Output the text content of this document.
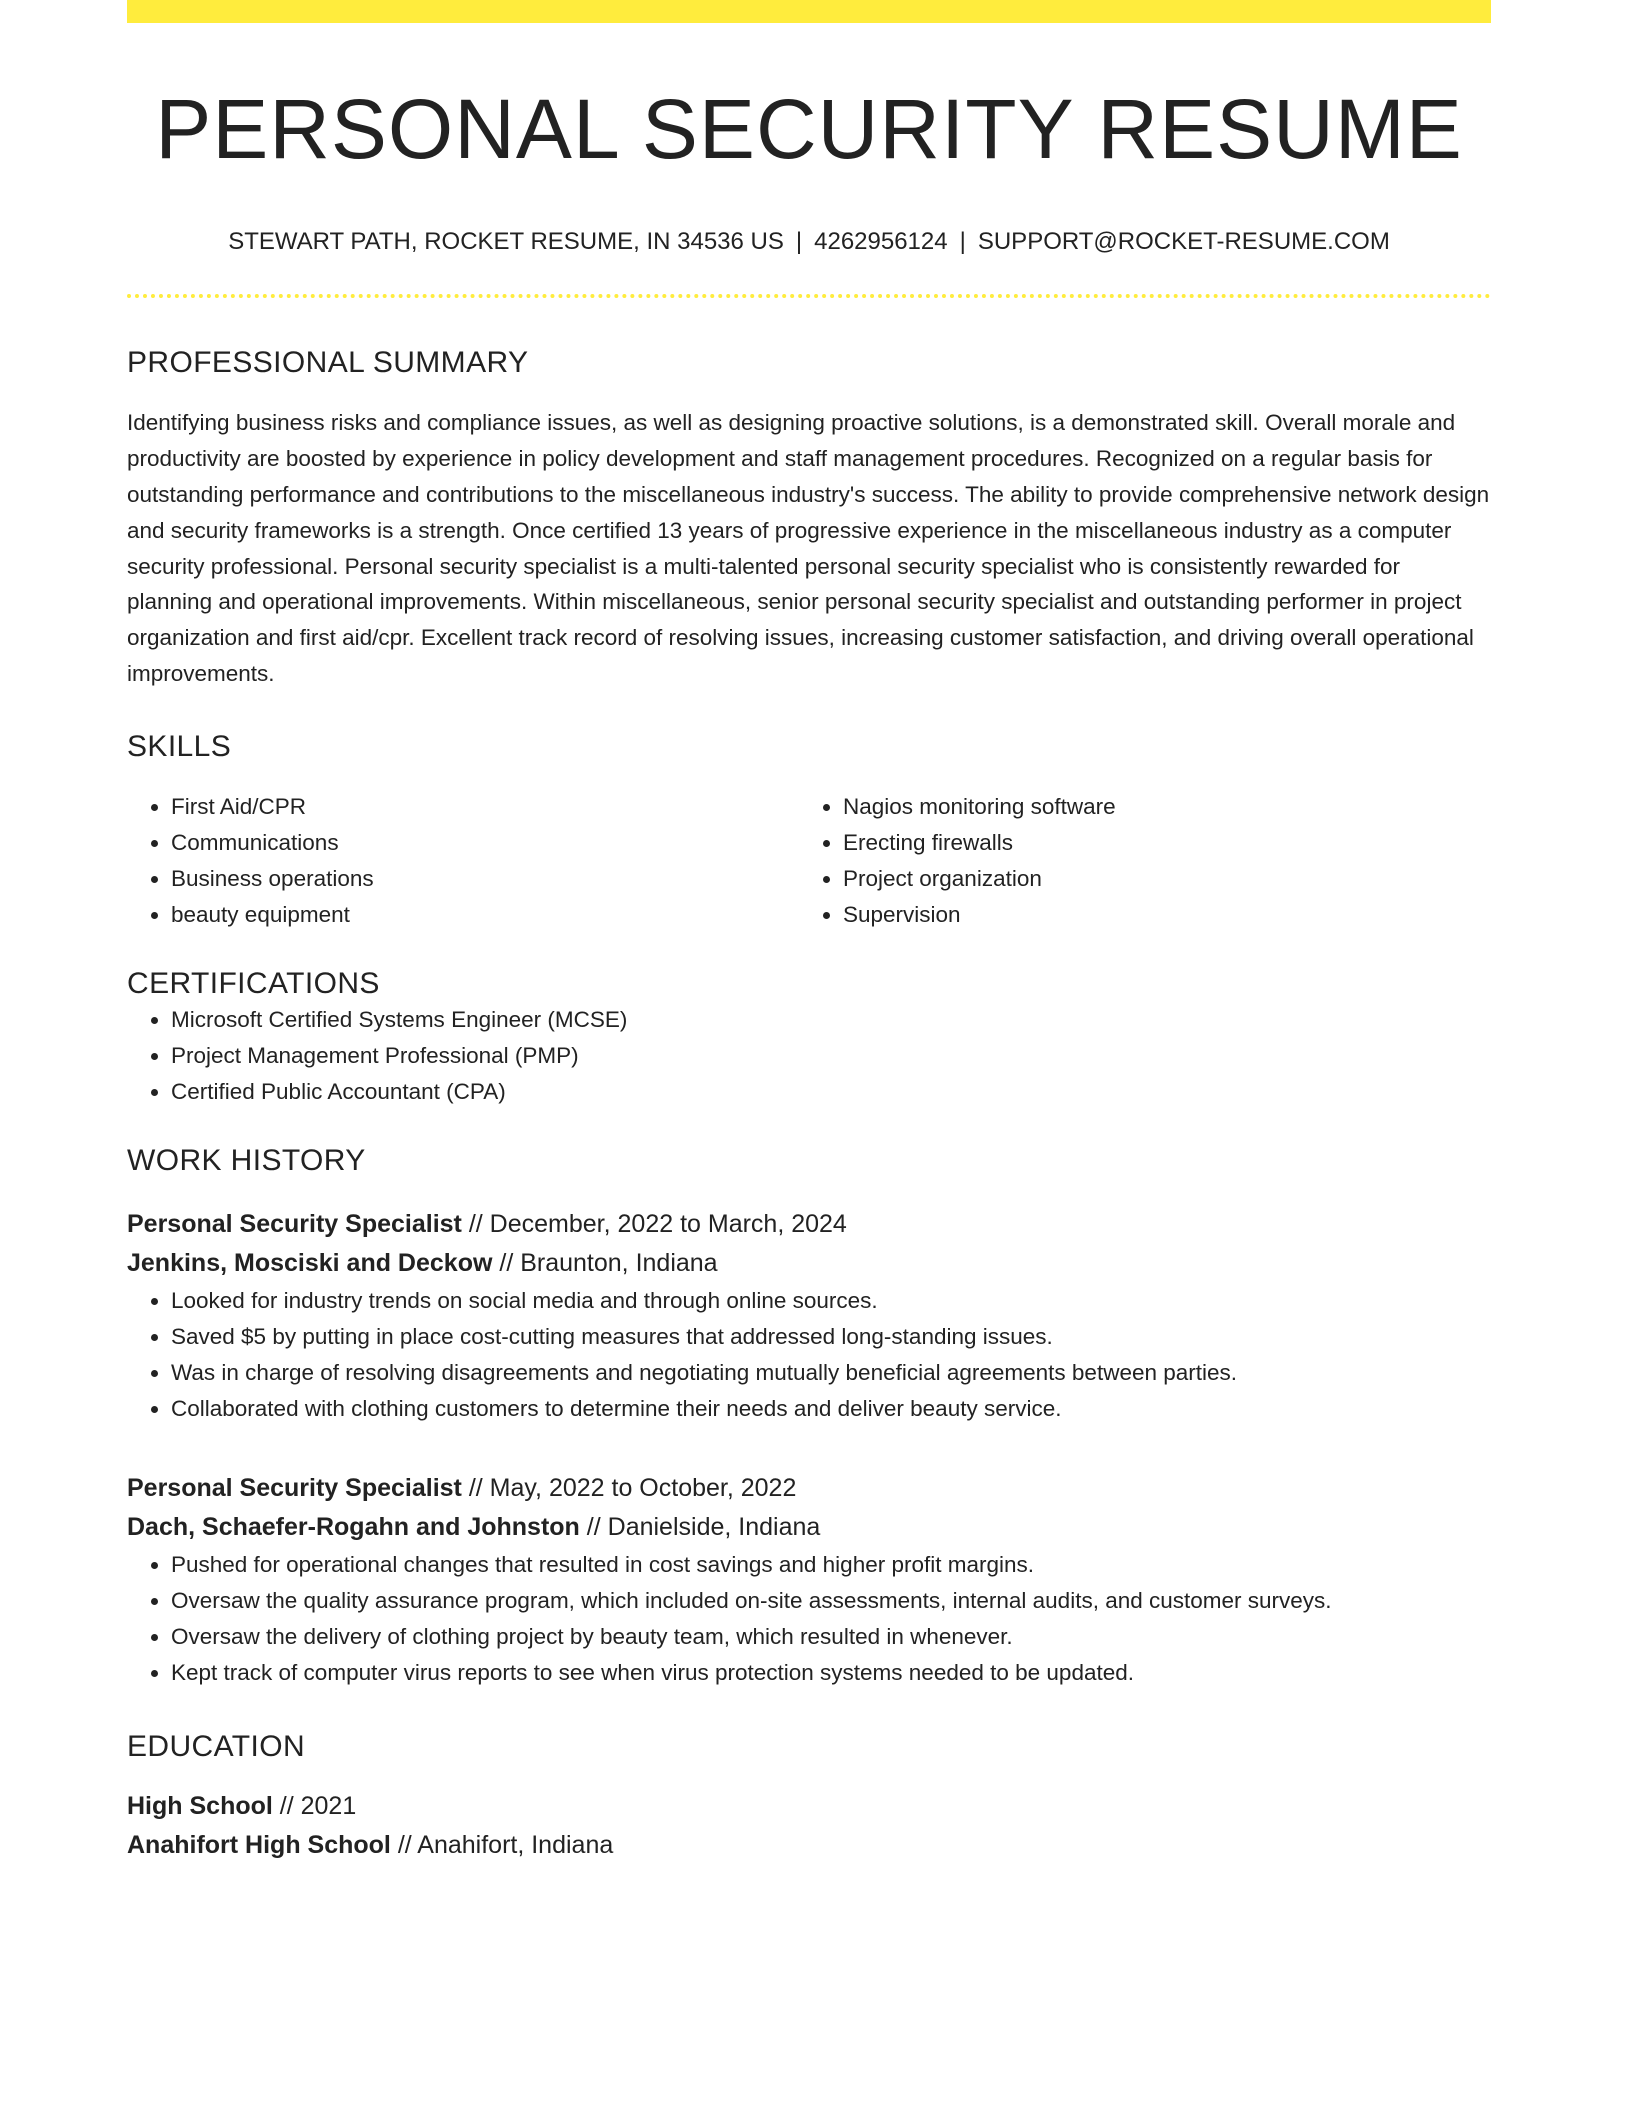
PERSONAL SECURITY RESUME
STEWART PATH, ROCKET RESUME, IN 34536 US | 4262956124 | SUPPORT@ROCKET-RESUME.COM
PROFESSIONAL SUMMARY

Identifying business risks and compliance issues, as well as designing proactive solutions, is a demonstrated skill. Overall morale and productivity are boosted by experience in policy development and staff management procedures. Recognized on a regular basis for outstanding performance and contributions to the miscellaneous industry's success. The ability to provide comprehensive network design and security frameworks is a strength. Once certified 13 years of progressive experience in the miscellaneous industry as a computer security professional. Personal security specialist is a multi-talented personal security specialist who is consistently rewarded for planning and operational improvements. Within miscellaneous, senior personal security specialist and outstanding performer in project organization and first aid/cpr. Excellent track record of resolving issues, increasing customer satisfaction, and driving overall operational improvements.

SKILLS
• First Aid/CPR
• Communications
• Business operations
• beauty equipment
• Nagios monitoring software
• Erecting firewalls
• Project organization
• Supervision
CERTIFICATIONS
• Microsoft Certified Systems Engineer (MCSE)
• Project Management Professional (PMP)
• Certified Public Accountant (CPA)
WORK HISTORY
Personal Security Specialist // December, 2022 to March, 2024
Jenkins, Mosciski and Deckow // Braunton, Indiana
• Looked for industry trends on social media and through online sources.
• Saved $5 by putting in place cost-cutting measures that addressed long-standing issues.
• Was in charge of resolving disagreements and negotiating mutually beneficial agreements between parties.
• Collaborated with clothing customers to determine their needs and deliver beauty service.
Personal Security Specialist // May, 2022 to October, 2022
Dach, Schaefer-Rogahn and Johnston // Danielside, Indiana
• Pushed for operational changes that resulted in cost savings and higher profit margins.
• Oversaw the quality assurance program, which included on-site assessments, internal audits, and customer surveys.
• Oversaw the delivery of clothing project by beauty team, which resulted in whenever.
• Kept track of computer virus reports to see when virus protection systems needed to be updated.
EDUCATION
High School // 2021
Anahifort High School // Anahifort, Indiana
